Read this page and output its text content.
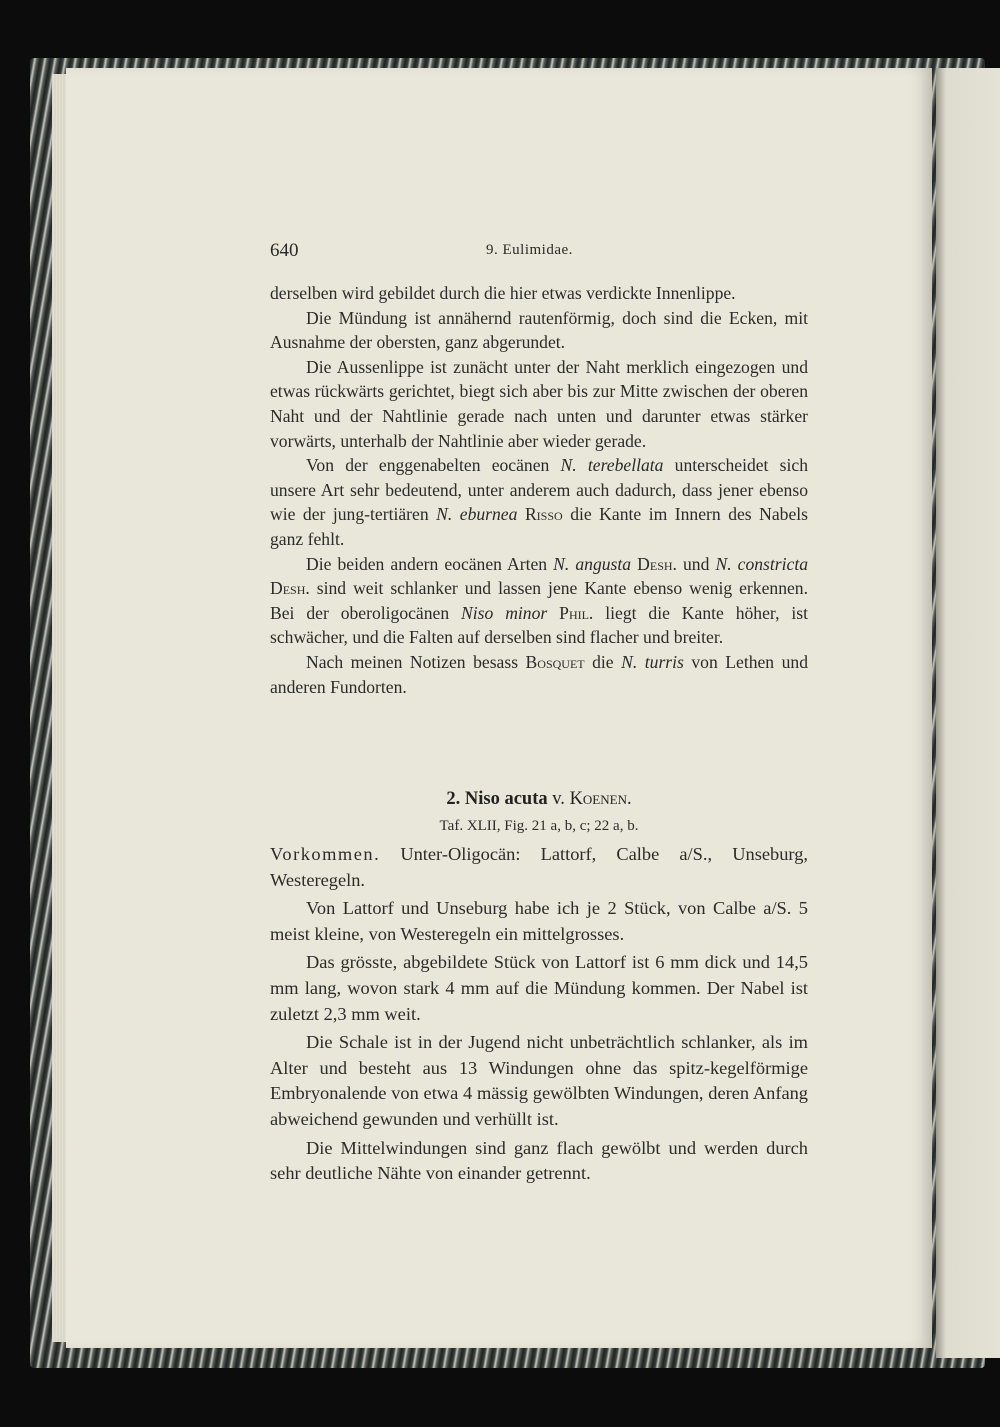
640	9. Eulimidae.

derselben wird gebildet durch die hier etwas verdickte Innenlippe.

Die Mündung ist annähernd rautenförmig, doch sind die Ecken, mit Ausnahme der obersten, ganz abgerundet.

Die Aussenlippe ist zunächt unter der Naht merklich eingezogen und etwas rückwärts gerichtet, biegt sich aber bis zur Mitte zwischen der oberen Naht und der Nahtlinie gerade nach unten und darunter etwas stärker vorwärts, unterhalb der Nahtlinie aber wieder gerade.

Von der enggenabelten eocänen N. terebellata unterscheidet sich unsere Art sehr bedeutend, unter anderem auch dadurch, dass jener ebenso wie der jung-tertiären N. eburnea Risso die Kante im Innern des Nabels ganz fehlt.

Die beiden andern eocänen Arten N. angusta Desh. und N. constricta Desh. sind weit schlanker und lassen jene Kante ebenso wenig erkennen. Bei der oberoligocänen Niso minor Phil. liegt die Kante höher, ist schwächer, und die Falten auf derselben sind flacher und breiter.

Nach meinen Notizen besass Bosquet die N. turris von Lethen und anderen Fundorten.

2. Niso acuta v. Koenen.
Taf. XLII, Fig. 21 a, b, c; 22 a, b.

Vorkommen. Unter-Oligocän: Lattorf, Calbe a/S., Unseburg, Westeregeln.

Von Lattorf und Unseburg habe ich je 2 Stück, von Calbe a/S. 5 meist kleine, von Westeregeln ein mittelgrosses.

Das grösste, abgebildete Stück von Lattorf ist 6 mm dick und 14,5 mm lang, wovon stark 4 mm auf die Mündung kommen. Der Nabel ist zuletzt 2,3 mm weit.

Die Schale ist in der Jugend nicht unbeträchtlich schlanker, als im Alter und besteht aus 13 Windungen ohne das spitz-kegelförmige Embryonalende von etwa 4 mässig gewölbten Windungen, deren Anfang abweichend gewunden und verhüllt ist.

Die Mittelwindungen sind ganz flach gewölbt und werden durch sehr deutliche Nähte von einander getrennt.
